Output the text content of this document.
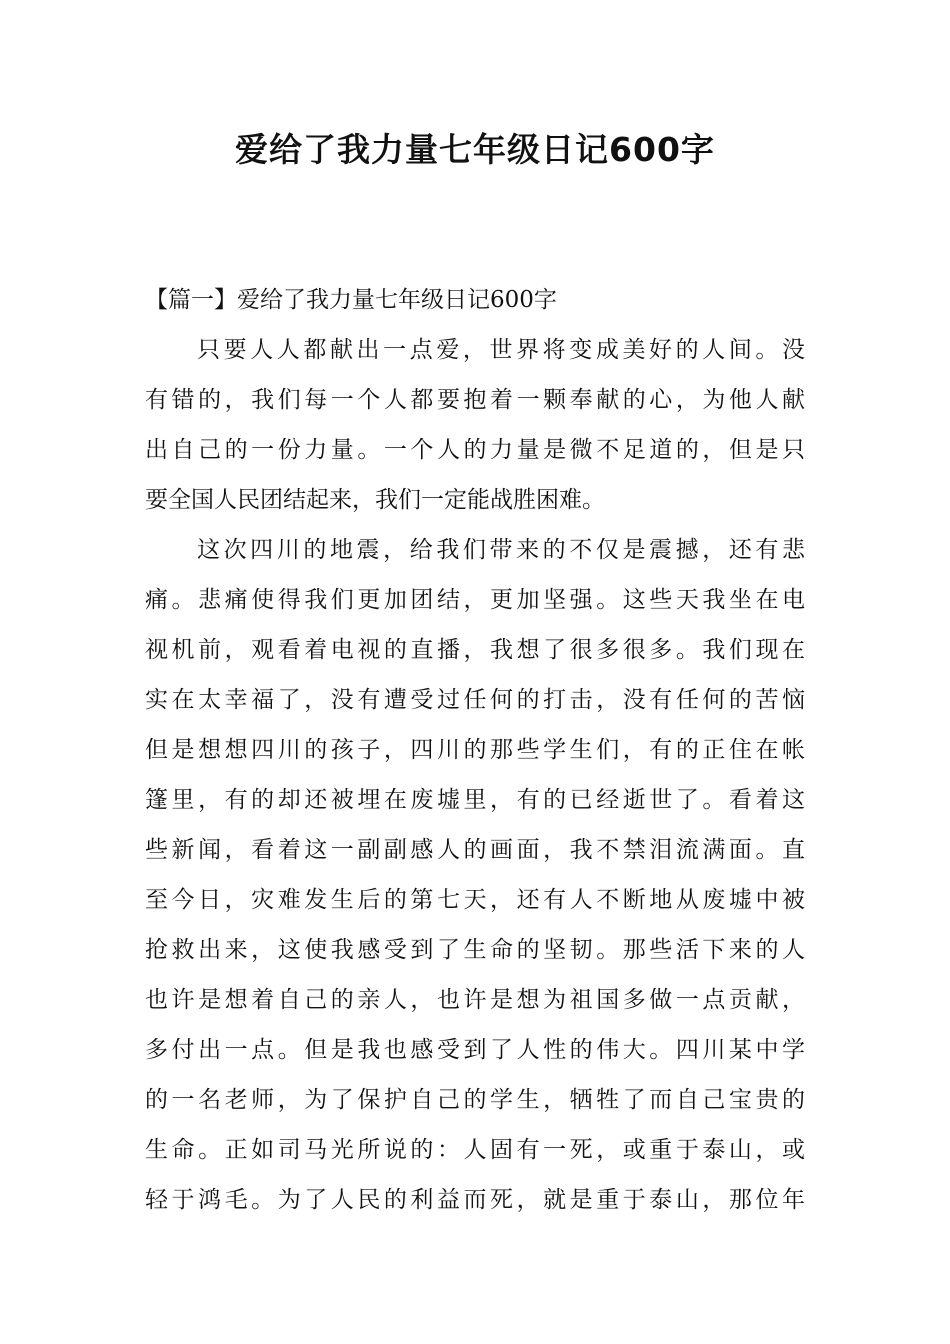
爱给了我力量七年级日记600字

【篇一】爱给了我力量七年级日记600字

只要人人都献出一点爱，世界将变成美好的人间。没

有错的，我们每一个人都要抱着一颗奉献的心，为他人献

出自己的一份力量。一个人的力量是微不足道的，但是只

要全国人民团结起来，我们一定能战胜困难。

这次四川的地震，给我们带来的不仅是震撼，还有悲

痛。悲痛使得我们更加团结，更加坚强。这些天我坐在电

视机前，观看着电视的直播，我想了很多很多。我们现在

实在太幸福了，没有遭受过任何的打击，没有任何的苦恼

但是想想四川的孩子，四川的那些学生们，有的正住在帐

篷里，有的却还被埋在废墟里，有的已经逝世了。看着这

些新闻，看着这一副副感人的画面，我不禁泪流满面。直

至今日，灾难发生后的第七天，还有人不断地从废墟中被

抢救出来，这使我感受到了生命的坚韧。那些活下来的人

也许是想着自己的亲人，也许是想为祖国多做一点贡献，

多付出一点。但是我也感受到了人性的伟大。四川某中学

的一名老师，为了保护自己的学生，牺牲了而自己宝贵的

生命。正如司马光所说的：人固有一死，或重于泰山，或

轻于鸿毛。为了人民的利益而死，就是重于泰山，那位年
